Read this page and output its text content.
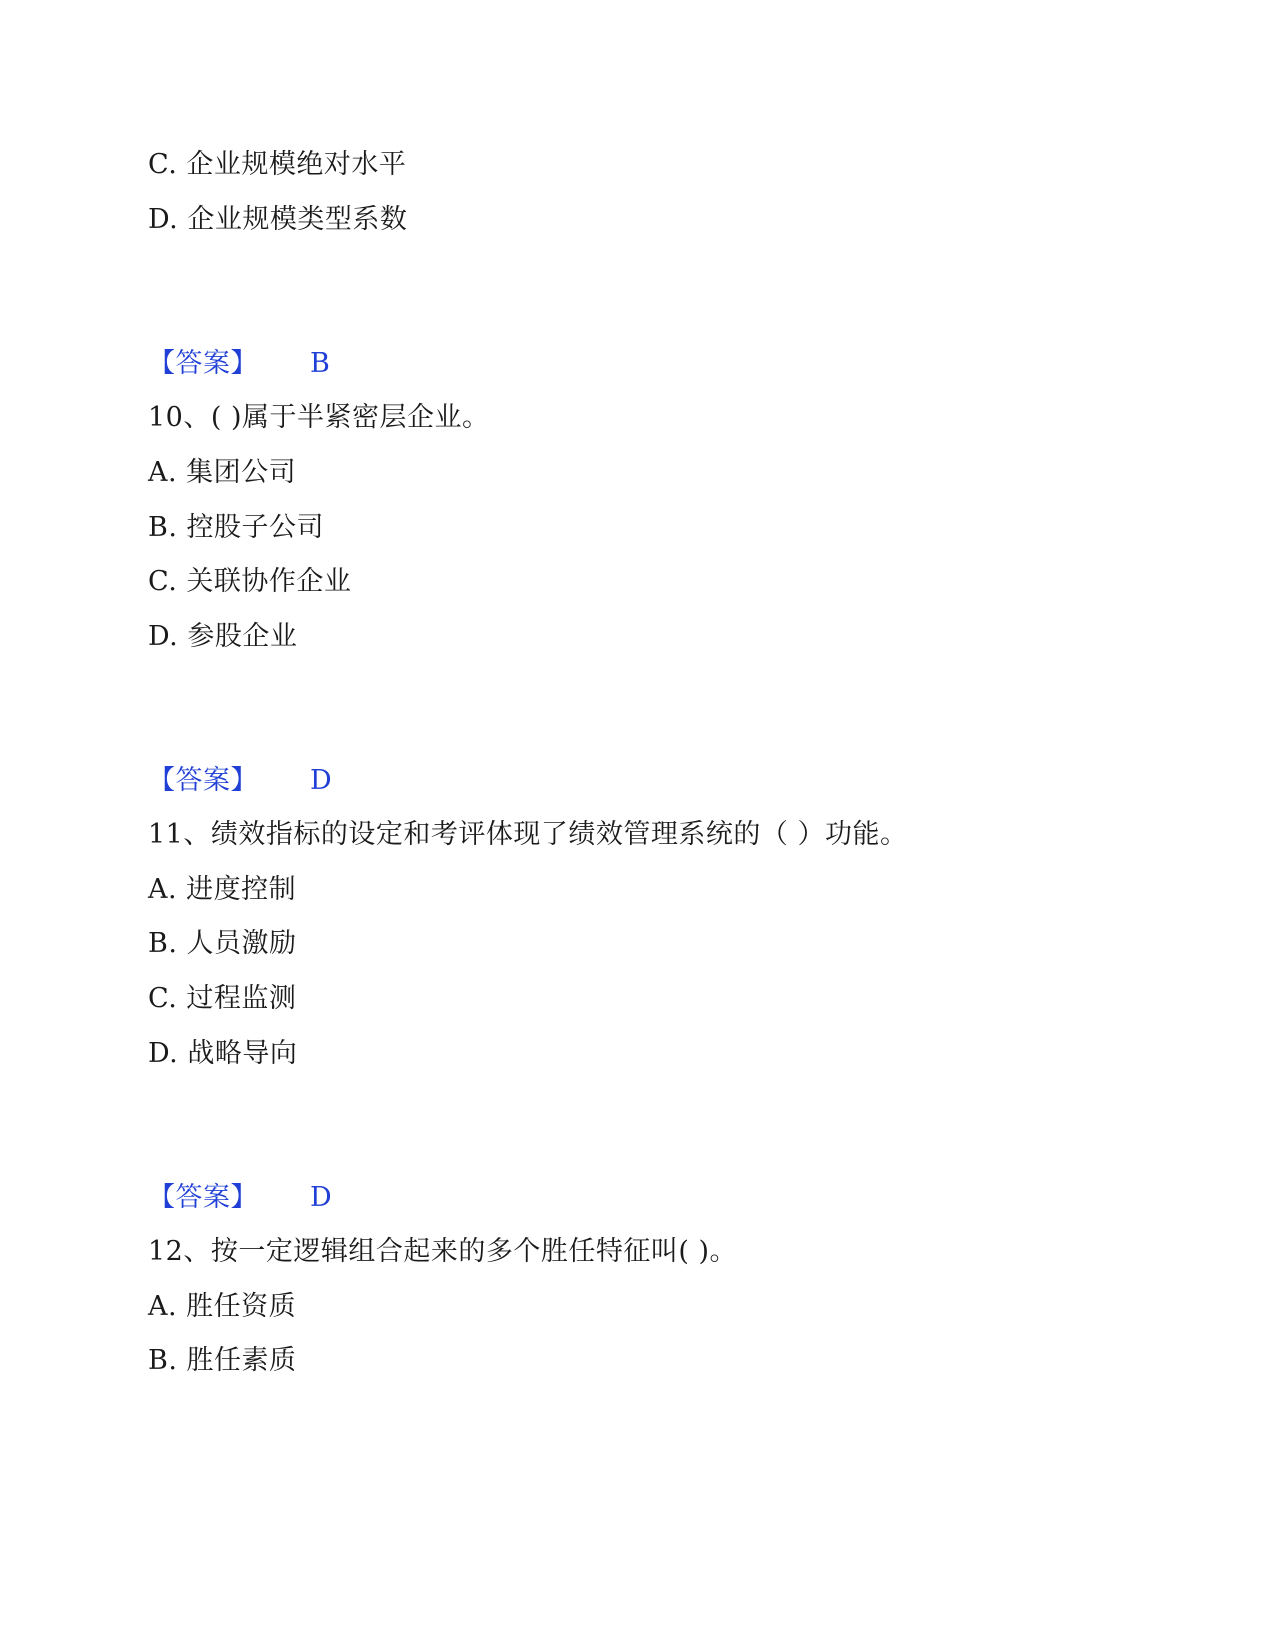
C. 企业规模绝对水平
D. 企业规模类型系数
【答案】 B
10、( )属于半紧密层企业。
A. 集团公司
B. 控股子公司
C. 关联协作企业
D. 参股企业
【答案】 D
11、绩效指标的设定和考评体现了绩效管理系统的（ ）功能。
A. 进度控制
B. 人员激励
C. 过程监测
D. 战略导向
【答案】 D
12、按一定逻辑组合起来的多个胜任特征叫( )。
A. 胜任资质
B. 胜任素质
